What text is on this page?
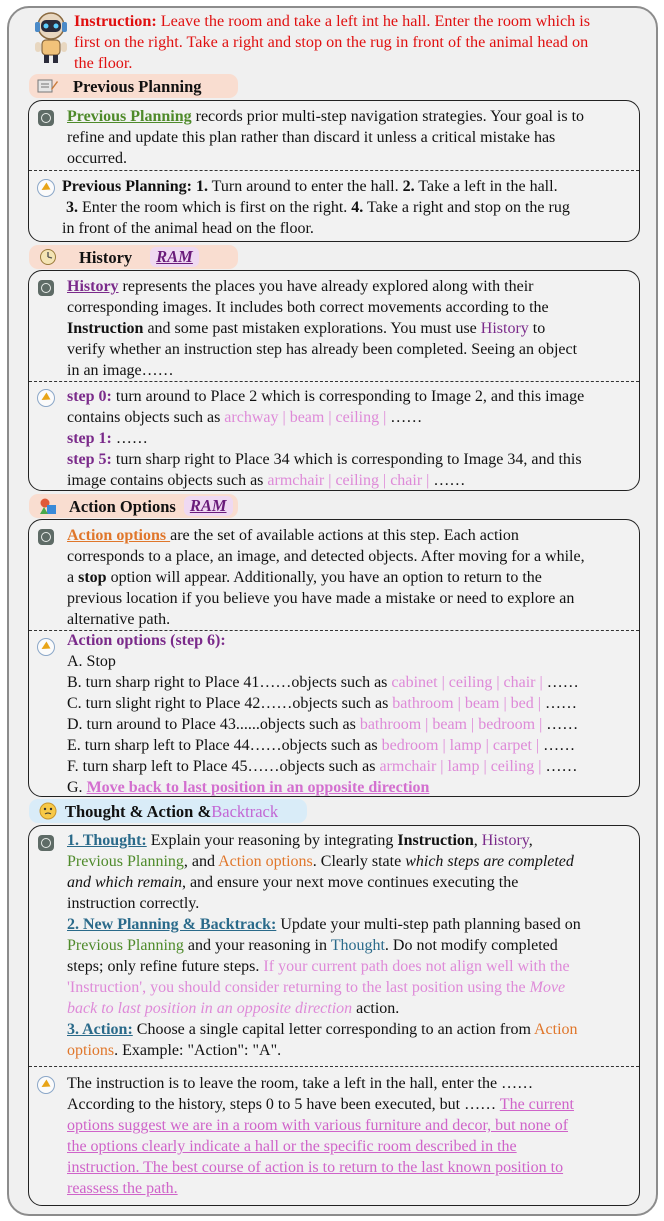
Instruction: Leave the room and take a left int he hall. Enter the room which is
first on the right. Take a right and stop on the rug in front of the animal head on
the floor.
Previous Planning
Previous Planning records prior multi-step navigation strategies. Your goal is to
refine and update this plan rather than discard it unless a critical mistake has
occurred.
Previous Planning: 1. Turn around to enter the hall. 2. Take a left in the hall.
3. Enter the room which is first on the right. 4. Take a right and stop on the rug
in front of the animal head on the floor.
History	RAM
History represents the places you have already explored along with their
corresponding images. It includes both correct movements according to the
Instruction and some past mistaken explorations. You must use History to
verify whether an instruction step has already been completed. Seeing an object
in an image……
step 0: turn around to Place 2 which is corresponding to Image 2, and this image
contains objects such as archway | beam | ceiling | ……
step 1: ……
step 5: turn sharp right to Place 34 which is corresponding to Image 34, and this
image contains objects such as armchair | ceiling | chair | ……
Action Options RAM
Action options are the set of available actions at this step. Each action
corresponds to a place, an image, and detected objects. After moving for a while,
a stop option will appear. Additionally, you have an option to return to the
previous location if you believe you have made a mistake or need to explore an
alternative path.
Action options (step 6):
A. Stop
B. turn sharp right to Place 41……objects such as cabinet | ceiling | chair | ……
C. turn slight right to Place 42……objects such as bathroom | beam | bed | ……
D. turn around to Place 43......objects such as bathroom | beam | bedroom | ……
E. turn sharp left to Place 44……objects such as bedroom | lamp | carpet | ……
F. turn sharp left to Place 45……objects such as armchair | lamp | ceiling | ……
G. Move back to last position in an opposite direction
Thought & Action & Backtrack
1. Thought: Explain your reasoning by integrating Instruction, History,
Previous Planning, and Action options. Clearly state which steps are completed
and which remain, and ensure your next move continues executing the
instruction correctly.
2. New Planning & Backtrack: Update your multi-step path planning based on
Previous Planning and your reasoning in Thought. Do not modify completed
steps; only refine future steps. If your current path does not align well with the
'Instruction', you should consider returning to the last position using the Move
back to last position in an opposite direction action.
3. Action: Choose a single capital letter corresponding to an action from Action
options. Example: "Action": "A".
The instruction is to leave the room, take a left in the hall, enter the ……
According to the history, steps 0 to 5 have been executed, but …… The current
options suggest we are in a room with various furniture and decor, but none of
the options clearly indicate a hall or the specific room described in the
instruction. The best course of action is to return to the last known position to
reassess the path.
